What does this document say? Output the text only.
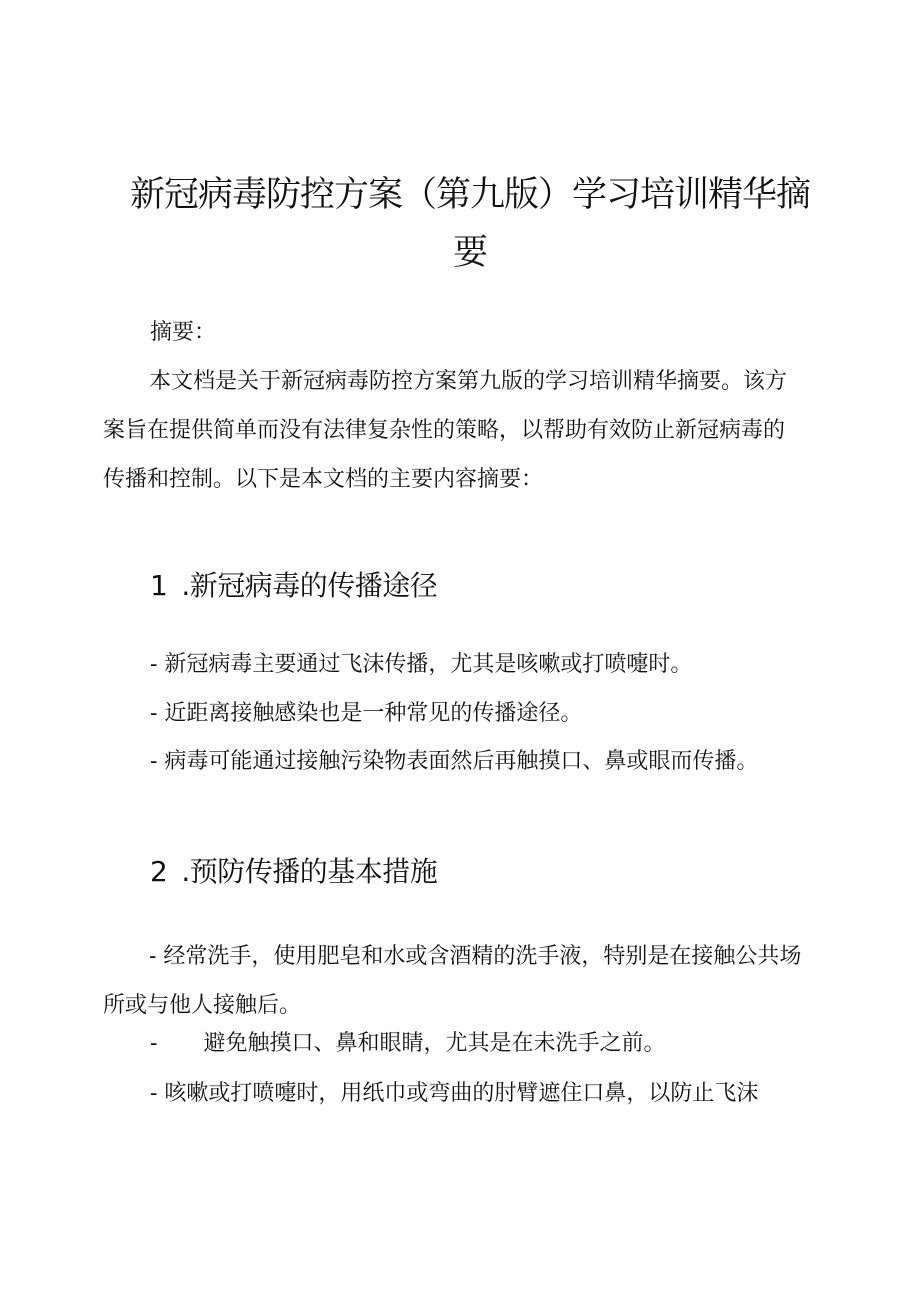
新冠病毒防控方案（第九版）学习培训精华摘要

摘要：

本文档是关于新冠病毒防控方案第九版的学习培训精华摘要。该方案旨在提供简单而没有法律复杂性的策略，以帮助有效防止新冠病毒的传播和控制。以下是本文档的主要内容摘要：

1 .新冠病毒的传播途径

- 新冠病毒主要通过飞沫传播，尤其是咳嗽或打喷嚏时。

- 近距离接触感染也是一种常见的传播途径。

- 病毒可能通过接触污染物表面然后再触摸口、鼻或眼而传播。

2 .预防传播的基本措施

- 经常洗手，使用肥皂和水或含酒精的洗手液，特别是在接触公共场所或与他人接触后。

- 避免触摸口、鼻和眼睛，尤其是在未洗手之前。

- 咳嗽或打喷嚏时，用纸巾或弯曲的肘臂遮住口鼻，以防止飞沫
